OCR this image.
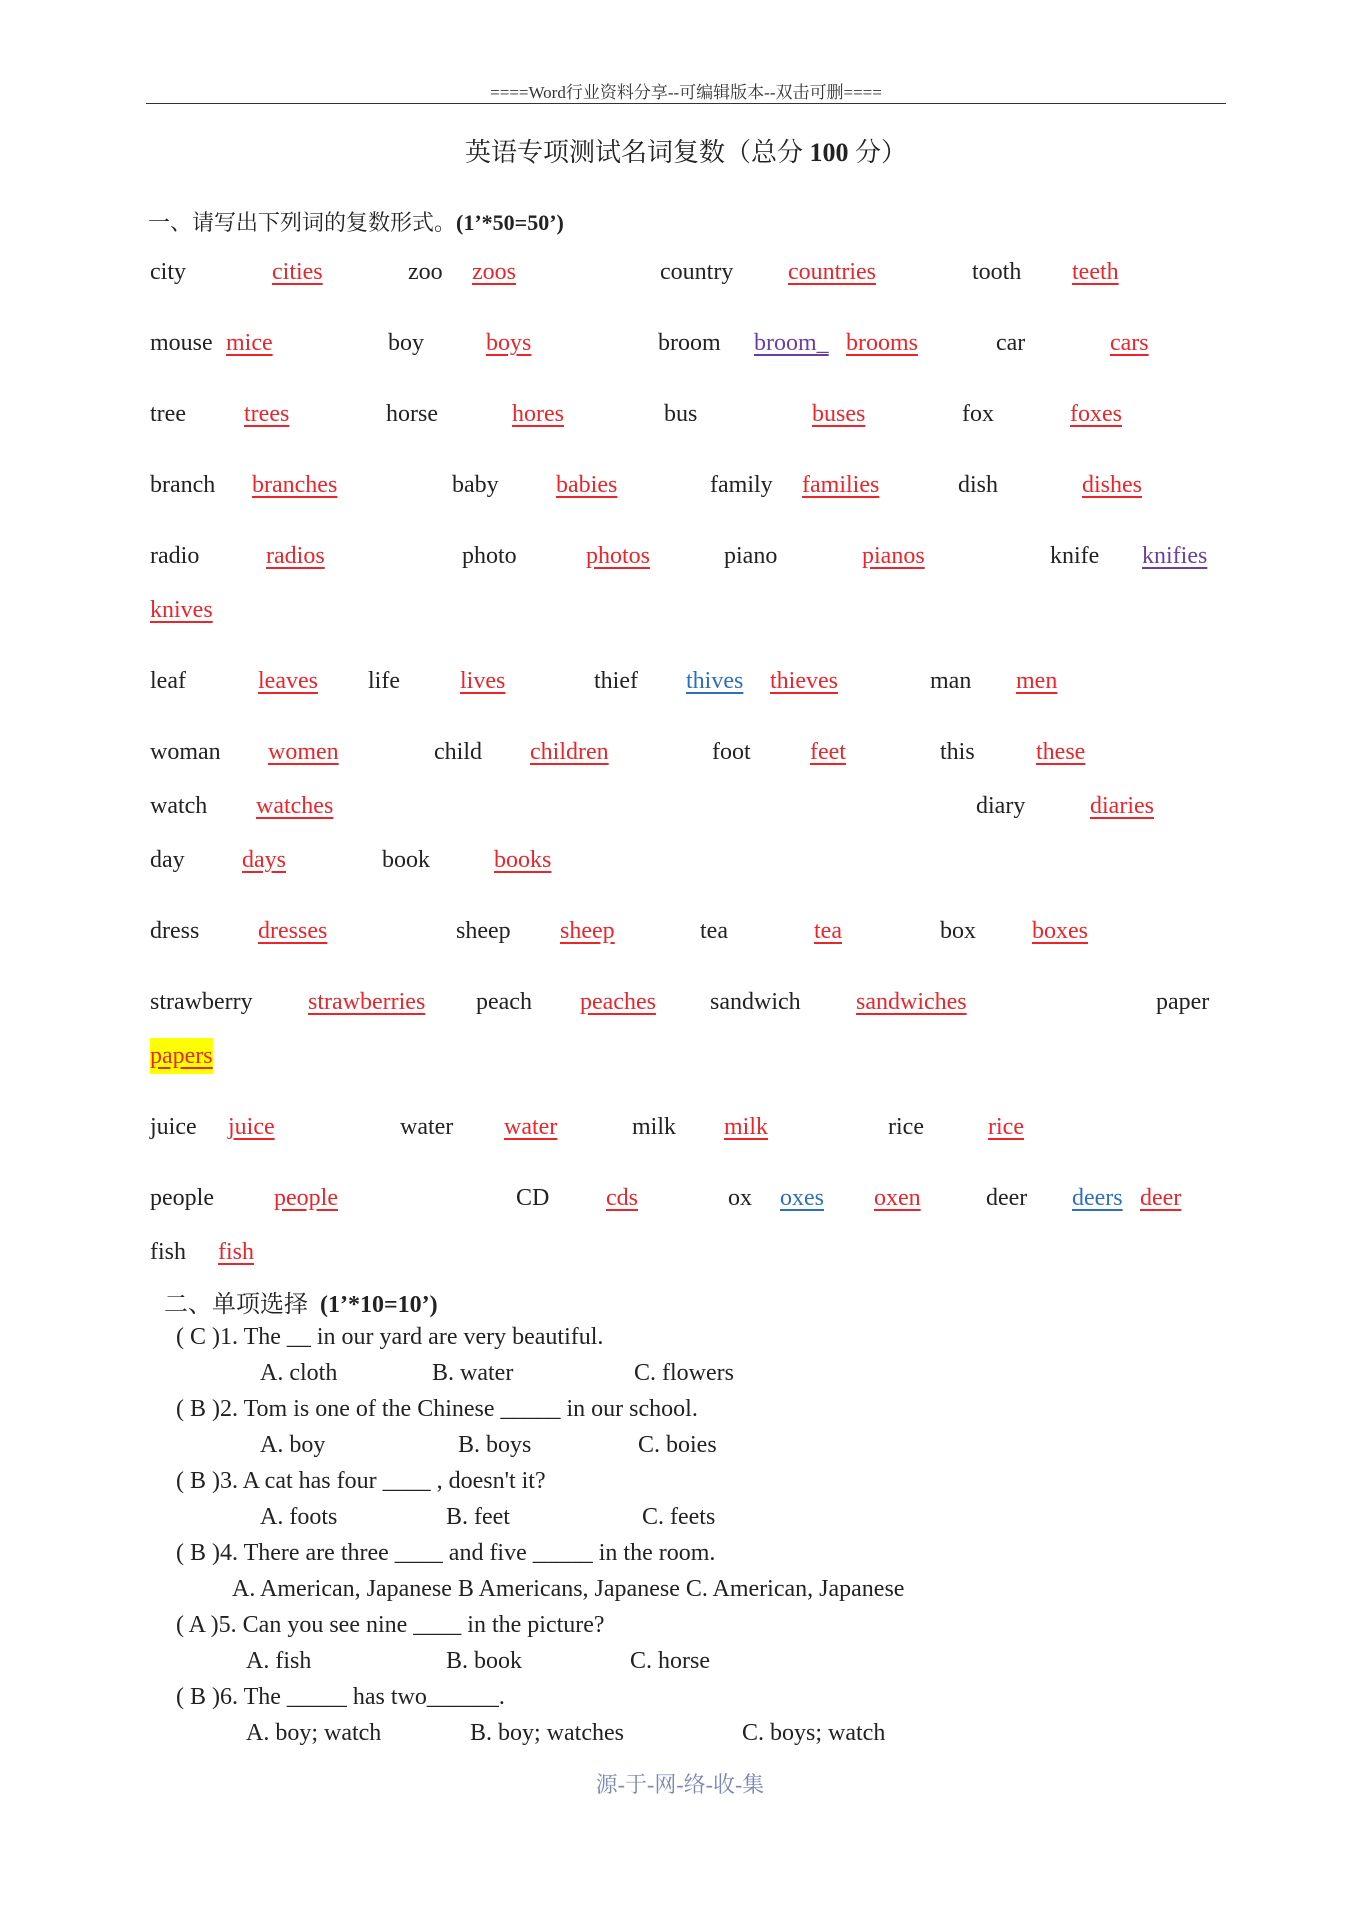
====Word行业资料分享--可编辑版本--双击可删====
英语专项测试名词复数（总分 100 分）
一、请写出下列词的复数形式。(1’*50=50’)
city	cities	zoo zoos	country countries	tooth teeth
mouse mice	boy	boys	broom broom_ brooms	car	cars
tree trees	horse	hores	bus	buses	fox	foxes
branch branches	baby babies	family families	dish	dishes
radio	radios	photo	photos	piano	pianos	knife knifies
knives
leaf	leaves life	lives	thief thives thieves	man men
woman women	child children	foot feet	this	these
watch watches	diary	diaries
day days	book	books
dress dresses	sheep sheep	tea	tea	box boxes
strawberry strawberries peach peaches sandwich sandwiches	paper
papers
juice juice	water water	milk milk	rice	rice
people	people	CD cds	ox oxes oxen	deer deers deer
fish fish
二、单项选择 (1’*10=10’)
( C )1. The __ in our yard are very beautiful.
A. cloth	B. water	C. flowers
( B )2. Tom is one of the Chinese _____ in our school.
A. boy	B. boys	C. boies
( B )3. A cat has four ____ , doesn't it?
A. foots	B. feet	C. feets
( B )4. There are three ____ and five _____ in the room.
A. American, Japanese B Americans, Japanese C. American, Japanese
( A )5. Can you see nine ____ in the picture?
A. fish	B. book	C. horse
( B )6. The _____ has two______.
A. boy; watch	B. boy; watches	C. boys; watch
源-于-网-络-收-集
